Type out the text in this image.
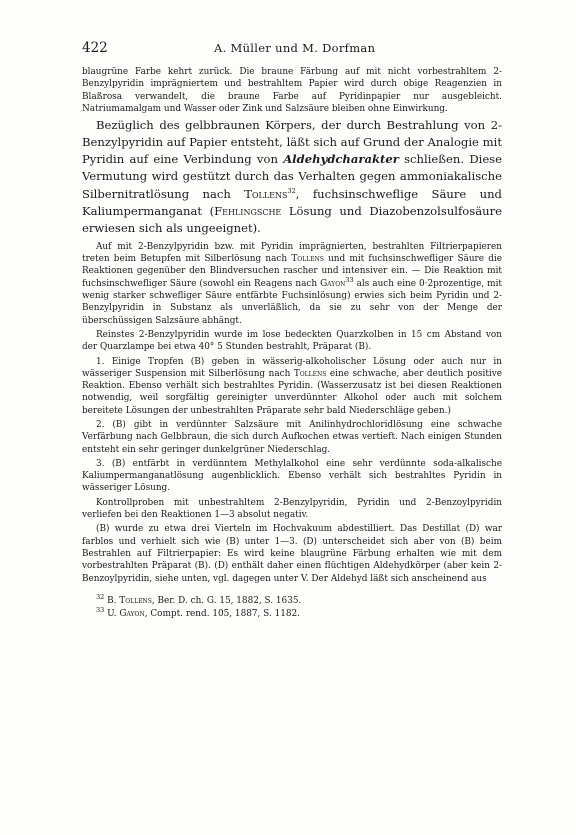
422	A. Müller und M. Dorfman

blaugrüne Farbe kehrt zurück. Die braune Färbung auf mit nicht vorbestrahltem 2-Benzylpyridin imprägniertem und bestrahltem Papier wird durch obige Reagenzien in Blaßrosa verwandelt, die braune Farbe auf Pyridinpapier nur ausgebleicht. Natriumamalgam und Wasser oder Zink und Salzsäure bleiben ohne Einwirkung.

Bezüglich des gelbbraunen Körpers, der durch Bestrahlung von 2-Benzylpyridin auf Papier entsteht, läßt sich auf Grund der Analogie mit Pyridin auf eine Verbindung von Aldehydcharakter schließen. Diese Vermutung wird gestützt durch das Verhalten gegen ammoniakalische Silbernitratlösung nach Tollens$^{32}$, fuchsinschweflige Säure und Kaliumpermanganat (Fehlingsche Lösung und Diazobenzolsulfosäure erwiesen sich als ungeeignet).

Auf mit 2-Benzylpyridin bzw. mit Pyridin imprägnierten, bestrahlten Filtrierpapieren treten beim Betupfen mit Silberlösung nach Tollens und mit fuchsinschwefliger Säure die Reaktionen gegenüber den Blindversuchen rascher und intensiver ein. — Die Reaktion mit fuchsinschwefliger Säure (sowohl ein Reagens nach Gayon$^{33}$ als auch eine 0·2prozentige, mit wenig starker schwefliger Säure entfärbte Fuchsinlösung) erwies sich beim Pyridin und 2-Benzylpyridin in Substanz als unverläßlich, da sie zu sehr von der Menge der überschüssigen Salzsäure abhängt.

Reinstes 2-Benzylpyridin wurde im lose bedeckten Quarzkolben in 15 cm Abstand von der Quarzlampe bei etwa 40° 5 Stunden bestrahlt, Präparat (B).

1. Einige Tropfen (B) geben in wässerig-alkoholischer Lösung oder auch nur in wässeriger Suspension mit Silberlösung nach Tollens eine schwache, aber deutlich positive Reaktion. Ebenso verhält sich bestrahltes Pyridin. (Wasserzusatz ist bei diesen Reaktionen notwendig, weil sorgfältig gereinigter unverdünnter Alkohol oder auch mit solchem bereitete Lösungen der unbestrahlten Präparate sehr bald Niederschläge geben.)

2. (B) gibt in verdünnter Salzsäure mit Anilinhydrochloridlösung eine schwache Verfärbung nach Gelbbraun, die sich durch Aufkochen etwas vertieft. Nach einigen Stunden entsteht ein sehr geringer dunkelgrüner Niederschlag.

3. (B) entfärbt in verdünntem Methylalkohol eine sehr verdünnte soda-alkalische Kaliumpermanganatlösung augenblicklich. Ebenso verhält sich bestrahltes Pyridin in wässeriger Lösung.

Kontrollproben mit unbestrahltem 2-Benzylpyridin, Pyridin und 2-Benzoylpyridin verliefen bei den Reaktionen 1—3 absolut negativ.

(B) wurde zu etwa drei Vierteln im Hochvakuum abdestilliert. Das Destillat (D) war farblos und verhielt sich wie (B) unter 1—3. (D) unterscheidet sich aber von (B) beim Bestrahlen auf Filtrierpapier: Es wird keine blaugrüne Färbung erhalten wie mit dem vorbestrahlten Präparat (B). (D) enthält daher einen flüchtigen Aldehydkörper (aber kein 2-Benzoylpyridin, siehe unten, vgl. dagegen unter V. Der Aldehyd läßt sich anscheinend aus

$^{32}$ B. Tollens, Ber. D. ch. G. 15, 1882, S. 1635.
$^{33}$ U. Gayon, Compt. rend. 105, 1887, S. 1182.
